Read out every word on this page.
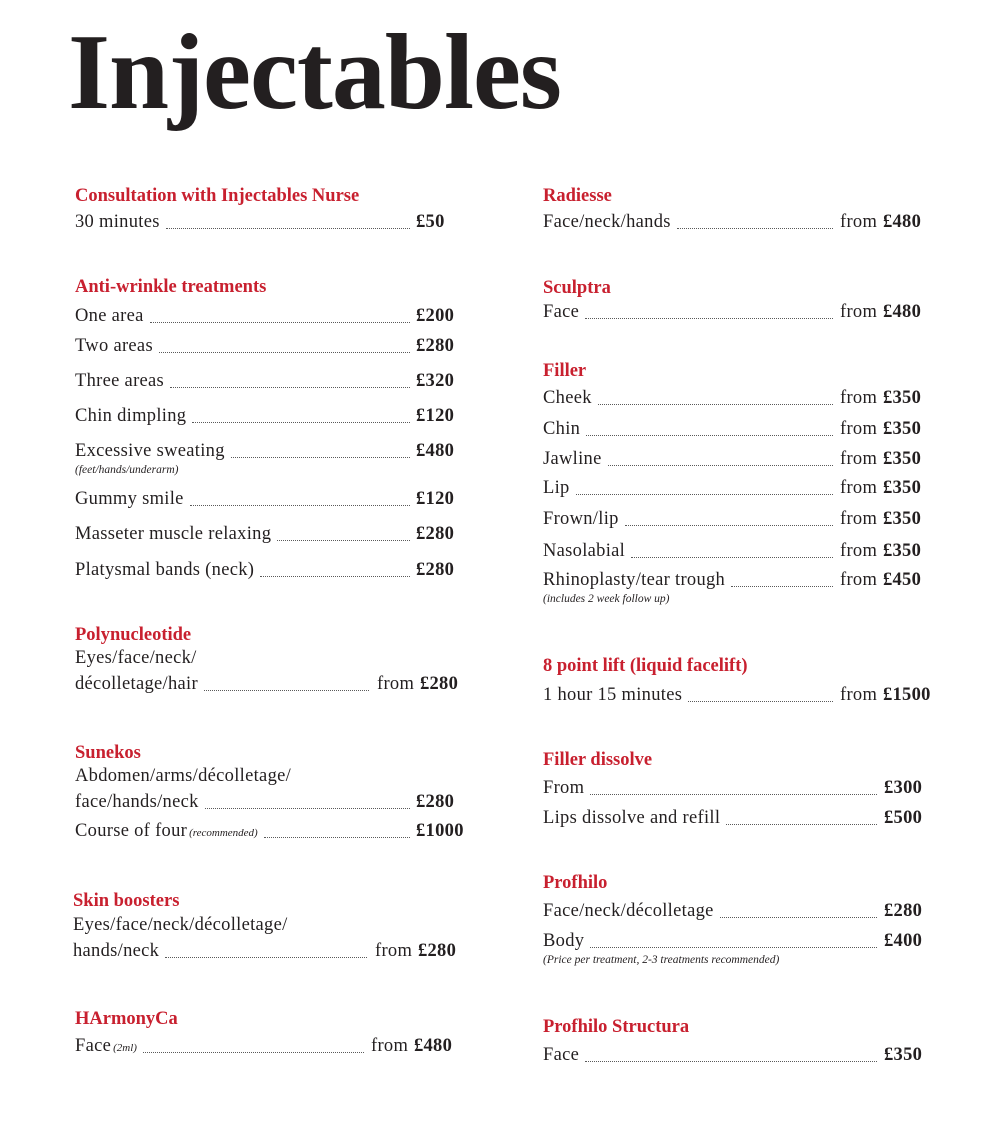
Injectables
Consultation with Injectables Nurse
30 minutes	£50
Anti-wrinkle treatments
One area	£200
Two areas	£280
Three areas	£320
Chin dimpling	£120
Excessive sweating	£480
(feet/hands/underarm)
Gummy smile	£120
Masseter muscle relaxing	£280
Platysmal bands (neck)	£280
Polynucleotide
Eyes/face/neck/
décolletage/hair	from £280
Sunekos
Abdomen/arms/décolletage/
face/hands/neck	£280
Course of four (recommended)	£1000
Skin boosters
Eyes/face/neck/décolletage/
hands/neck	from £280
HArmonyCa
Face (2ml)	from £480
Radiesse
Face/neck/hands	from £480
Sculptra
Face	from £480
Filler
Cheek	from £350
Chin	from £350
Jawline	from £350
Lip	from £350
Frown/lip	from £350
Nasolabial	from £350
Rhinoplasty/tear trough	from £450
(includes 2 week follow up)
8 point lift (liquid facelift)
1 hour 15 minutes	from £1500
Filler dissolve
From	£300
Lips dissolve and refill	£500
Profhilo
Face/neck/décolletage	£280
Body	£400
(Price per treatment, 2-3 treatments recommended)
Profhilo Structura
Face	£350
